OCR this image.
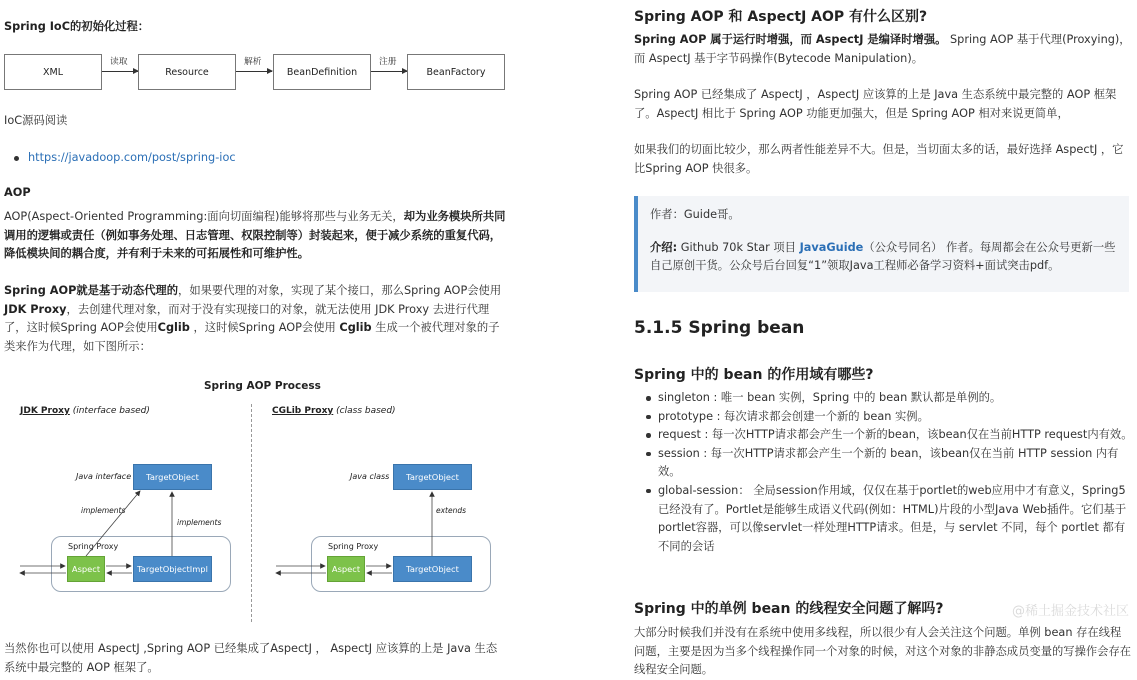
Spring IoC的初始化过程：

XML
读取
Resource
解析
BeanDefinition
注册
BeanFactory

IoC源码阅读

https://javadoop.com/post/spring-ioc

AOP

AOP(Aspect-Oriented Programming:面向切面编程)能够将那些与业务无关，却为业务模块所共同调用的逻辑或责任（例如事务处理、日志管理、权限控制等）封装起来，便于减少系统的重复代码，降低模块间的耦合度，并有利于未来的可拓展性和可维护性。

Spring AOP就是基于动态代理的，如果要代理的对象，实现了某个接口，那么Spring AOP会使用JDK Proxy，去创建代理对象，而对于没有实现接口的对象，就无法使用 JDK Proxy 去进行代理了，这时候Spring AOP会使用Cglib ，这时候Spring AOP会使用 Cglib 生成一个被代理对象的子类来作为代理，如下图所示：

Spring AOP Process
JDK Proxy (interface based)	CGLib Proxy (class based)
Java interface	TargetObject
Spring Proxy
Aspect	TargetObjectImpl
implements
implements
Java class	TargetObject
extends
Spring Proxy
Aspect	TargetObject

当然你也可以使用 AspectJ ,Spring AOP 已经集成了AspectJ ， AspectJ 应该算的上是 Java 生态系统中最完整的 AOP 框架了。

Spring AOP 和 AspectJ AOP 有什么区别?

Spring AOP 属于运行时增强，而 AspectJ 是编译时增强。 Spring AOP 基于代理(Proxying)，而 AspectJ 基于字节码操作(Bytecode Manipulation)。

Spring AOP 已经集成了 AspectJ ，AspectJ 应该算的上是 Java 生态系统中最完整的 AOP 框架了。AspectJ 相比于 Spring AOP 功能更加强大，但是 Spring AOP 相对来说更简单，

如果我们的切面比较少，那么两者性能差异不大。但是，当切面太多的话，最好选择 AspectJ ，它比Spring AOP 快很多。

作者：Guide哥。

介绍: Github 70k Star 项目 JavaGuide（公众号同名） 作者。每周都会在公众号更新一些自己原创干货。公众号后台回复“1”领取Java工程师必备学习资料+面试突击pdf。

5.1.5 Spring bean
Spring 中的 bean 的作用域有哪些?
singleton : 唯一 bean 实例，Spring 中的 bean 默认都是单例的。
prototype : 每次请求都会创建一个新的 bean 实例。
request : 每一次HTTP请求都会产生一个新的bean，该bean仅在当前HTTP request内有效。
session : 每一次HTTP请求都会产生一个新的 bean，该bean仅在当前 HTTP session 内有效。
global-session： 全局session作用域，仅仅在基于portlet的web应用中才有意义，Spring5已经没有了。Portlet是能够生成语义代码(例如：HTML)片段的小型Java Web插件。它们基于portlet容器，可以像servlet一样处理HTTP请求。但是，与 servlet 不同，每个 portlet 都有不同的会话
Spring 中的单例 bean 的线程安全问题了解吗?

大部分时候我们并没有在系统中使用多线程，所以很少有人会关注这个问题。单例 bean 存在线程问题，主要是因为当多个线程操作同一个对象的时候，对这个对象的非静态成员变量的写操作会存在线程安全问题。

@稀土掘金技术社区
